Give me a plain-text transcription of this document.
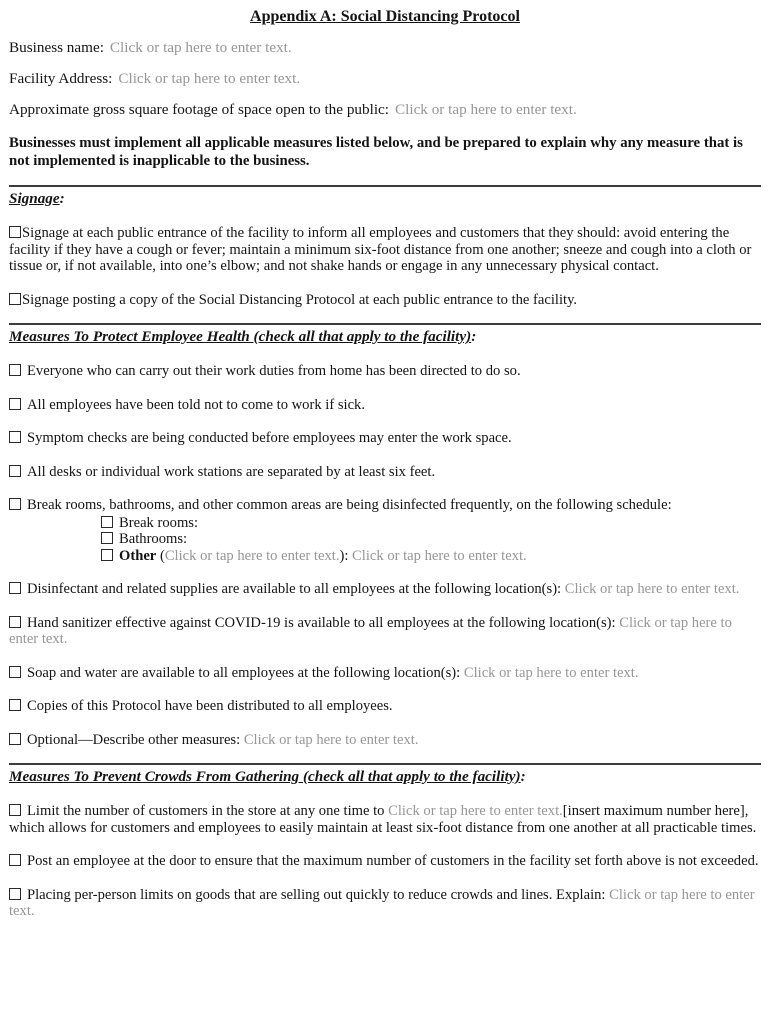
Appendix A: Social Distancing Protocol
Business name: Click or tap here to enter text.
Facility Address: Click or tap here to enter text.
Approximate gross square footage of space open to the public: Click or tap here to enter text.
Businesses must implement all applicable measures listed below, and be prepared to explain why any measure that is not implemented is inapplicable to the business.
Signage:
Signage at each public entrance of the facility to inform all employees and customers that they should: avoid entering the facility if they have a cough or fever; maintain a minimum six-foot distance from one another; sneeze and cough into a cloth or tissue or, if not available, into one’s elbow; and not shake hands or engage in any unnecessary physical contact.
Signage posting a copy of the Social Distancing Protocol at each public entrance to the facility.
Measures To Protect Employee Health (check all that apply to the facility):
Everyone who can carry out their work duties from home has been directed to do so.
All employees have been told not to come to work if sick.
Symptom checks are being conducted before employees may enter the work space.
All desks or individual work stations are separated by at least six feet.
Break rooms, bathrooms, and other common areas are being disinfected frequently, on the following schedule:
Break rooms:
Bathrooms:
Other (Click or tap here to enter text.): Click or tap here to enter text.
Disinfectant and related supplies are available to all employees at the following location(s): Click or tap here to enter text.
Hand sanitizer effective against COVID-19 is available to all employees at the following location(s): Click or tap here to enter text.
Soap and water are available to all employees at the following location(s): Click or tap here to enter text.
Copies of this Protocol have been distributed to all employees.
Optional—Describe other measures: Click or tap here to enter text.
Measures To Prevent Crowds From Gathering (check all that apply to the facility):
Limit the number of customers in the store at any one time to Click or tap here to enter text.[insert maximum number here], which allows for customers and employees to easily maintain at least six-foot distance from one another at all practicable times.
Post an employee at the door to ensure that the maximum number of customers in the facility set forth above is not exceeded.
Placing per-person limits on goods that are selling out quickly to reduce crowds and lines. Explain: Click or tap here to enter text.
